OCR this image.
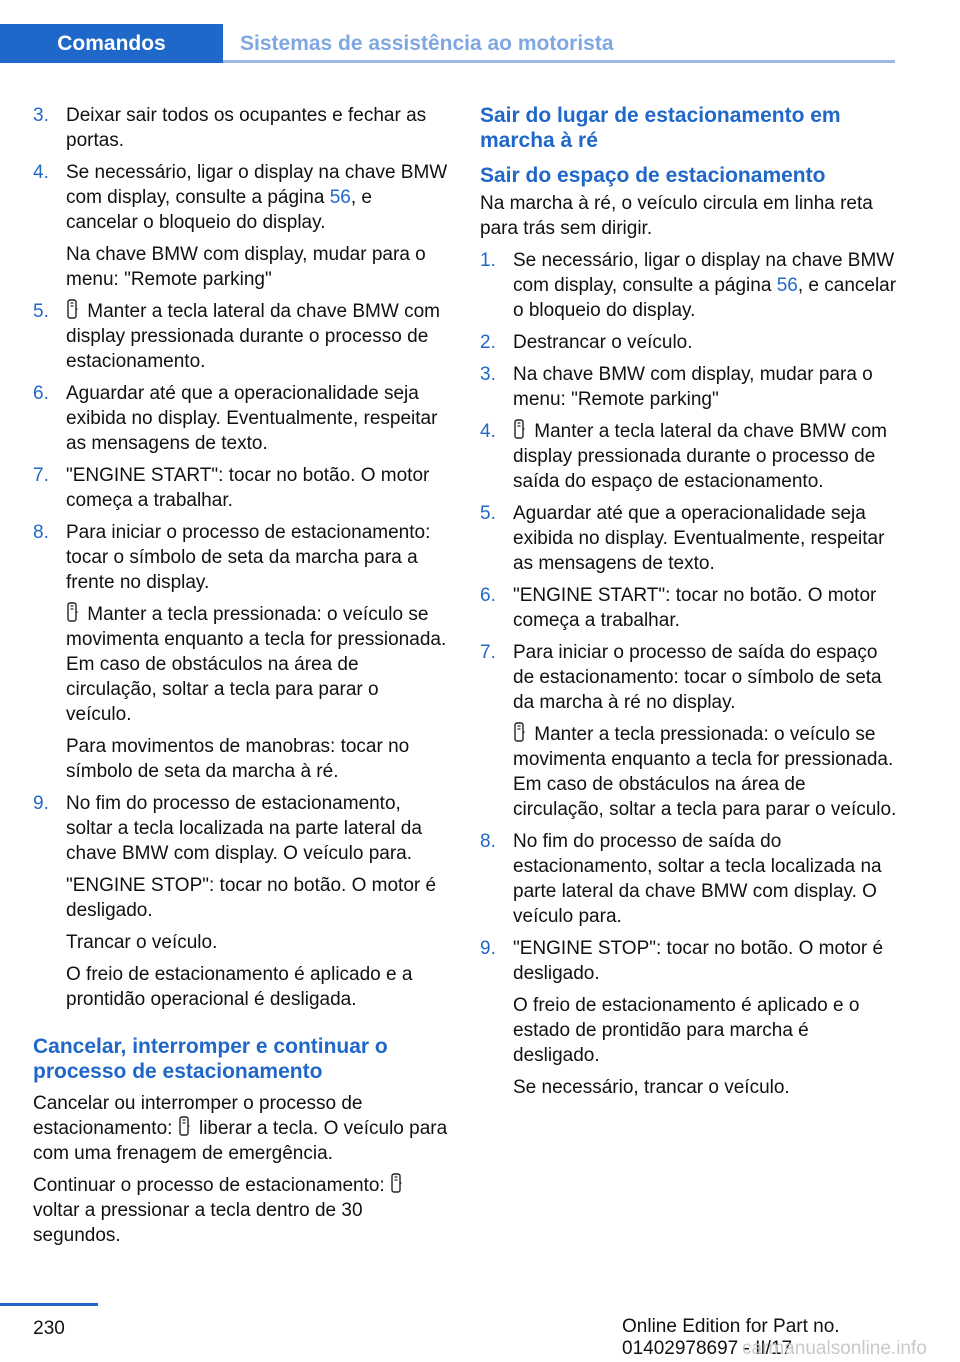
Comandos	Sistemas de assistência ao motorista
3. Deixar sair todos os ocupantes e fechar as portas.

4. Se necessário, ligar o display na chave BMW com display, consulte a página 56, e cancelar o bloqueio do display.

Na chave BMW com display, mudar para o menu: "Remote parking"

5.	Manter a tecla lateral da chave BMW com display pressionada durante o processo de estacionamento.

6. Aguardar até que a operacionalidade seja exibida no display. Eventualmente, respeitar as mensagens de texto.

7. "ENGINE START": tocar no botão. O motor começa a trabalhar.

8. Para iniciar o processo de estacionamento: tocar o símbolo de seta da marcha para a frente no display.

Manter a tecla pressionada: o veículo se movimenta enquanto a tecla for pressionada. Em caso de obstáculos na área de circulação, soltar a tecla para parar o veículo.

Para movimentos de manobras: tocar no símbolo de seta da marcha à ré.

9. No fim do processo de estacionamento, soltar a tecla localizada na parte lateral da chave BMW com display. O veículo para.

"ENGINE STOP": tocar no botão. O motor é desligado.

Trancar o veículo.

O freio de estacionamento é aplicado e a prontidão operacional é desligada.

Cancelar, interromper e continuar o processo de estacionamento

Cancelar ou interromper o processo de estacionamento:
liberar a tecla. O veículo para com uma frenagem de emergência.

Continuar o processo de estacionamento:
voltar a pressionar a tecla dentro de 30 segundos.

Sair do lugar de estacionamento em marcha à ré
Sair do espaço de estacionamento

Na marcha à ré, o veículo circula em linha reta para trás sem dirigir.

1. Se necessário, ligar o display na chave BMW com display, consulte a página 56, e cancelar o bloqueio do display.

2. Destrancar o veículo.

3. Na chave BMW com display, mudar para o menu: "Remote parking"

4.	Manter a tecla lateral da chave BMW com display pressionada durante o processo de saída do espaço de estacionamento.

5. Aguardar até que a operacionalidade seja exibida no display. Eventualmente, respeitar as mensagens de texto.

6. "ENGINE START": tocar no botão. O motor começa a trabalhar.

7. Para iniciar o processo de saída do espaço de estacionamento: tocar o símbolo de seta da marcha à ré no display.

Manter a tecla pressionada: o veículo se movimenta enquanto a tecla for pressionada. Em caso de obstáculos na área de circulação, soltar a tecla para parar o veículo.

8. No fim do processo de saída do estacionamento, soltar a tecla localizada na parte lateral da chave BMW com display. O veículo para.

9. "ENGINE STOP": tocar no botão. O motor é desligado.

O freio de estacionamento é aplicado e o estado de prontidão para marcha é desligado.

Se necessário, trancar o veículo.

230	Online Edition for Part no. 01402978697 - II/17
carmanualsonline.info
